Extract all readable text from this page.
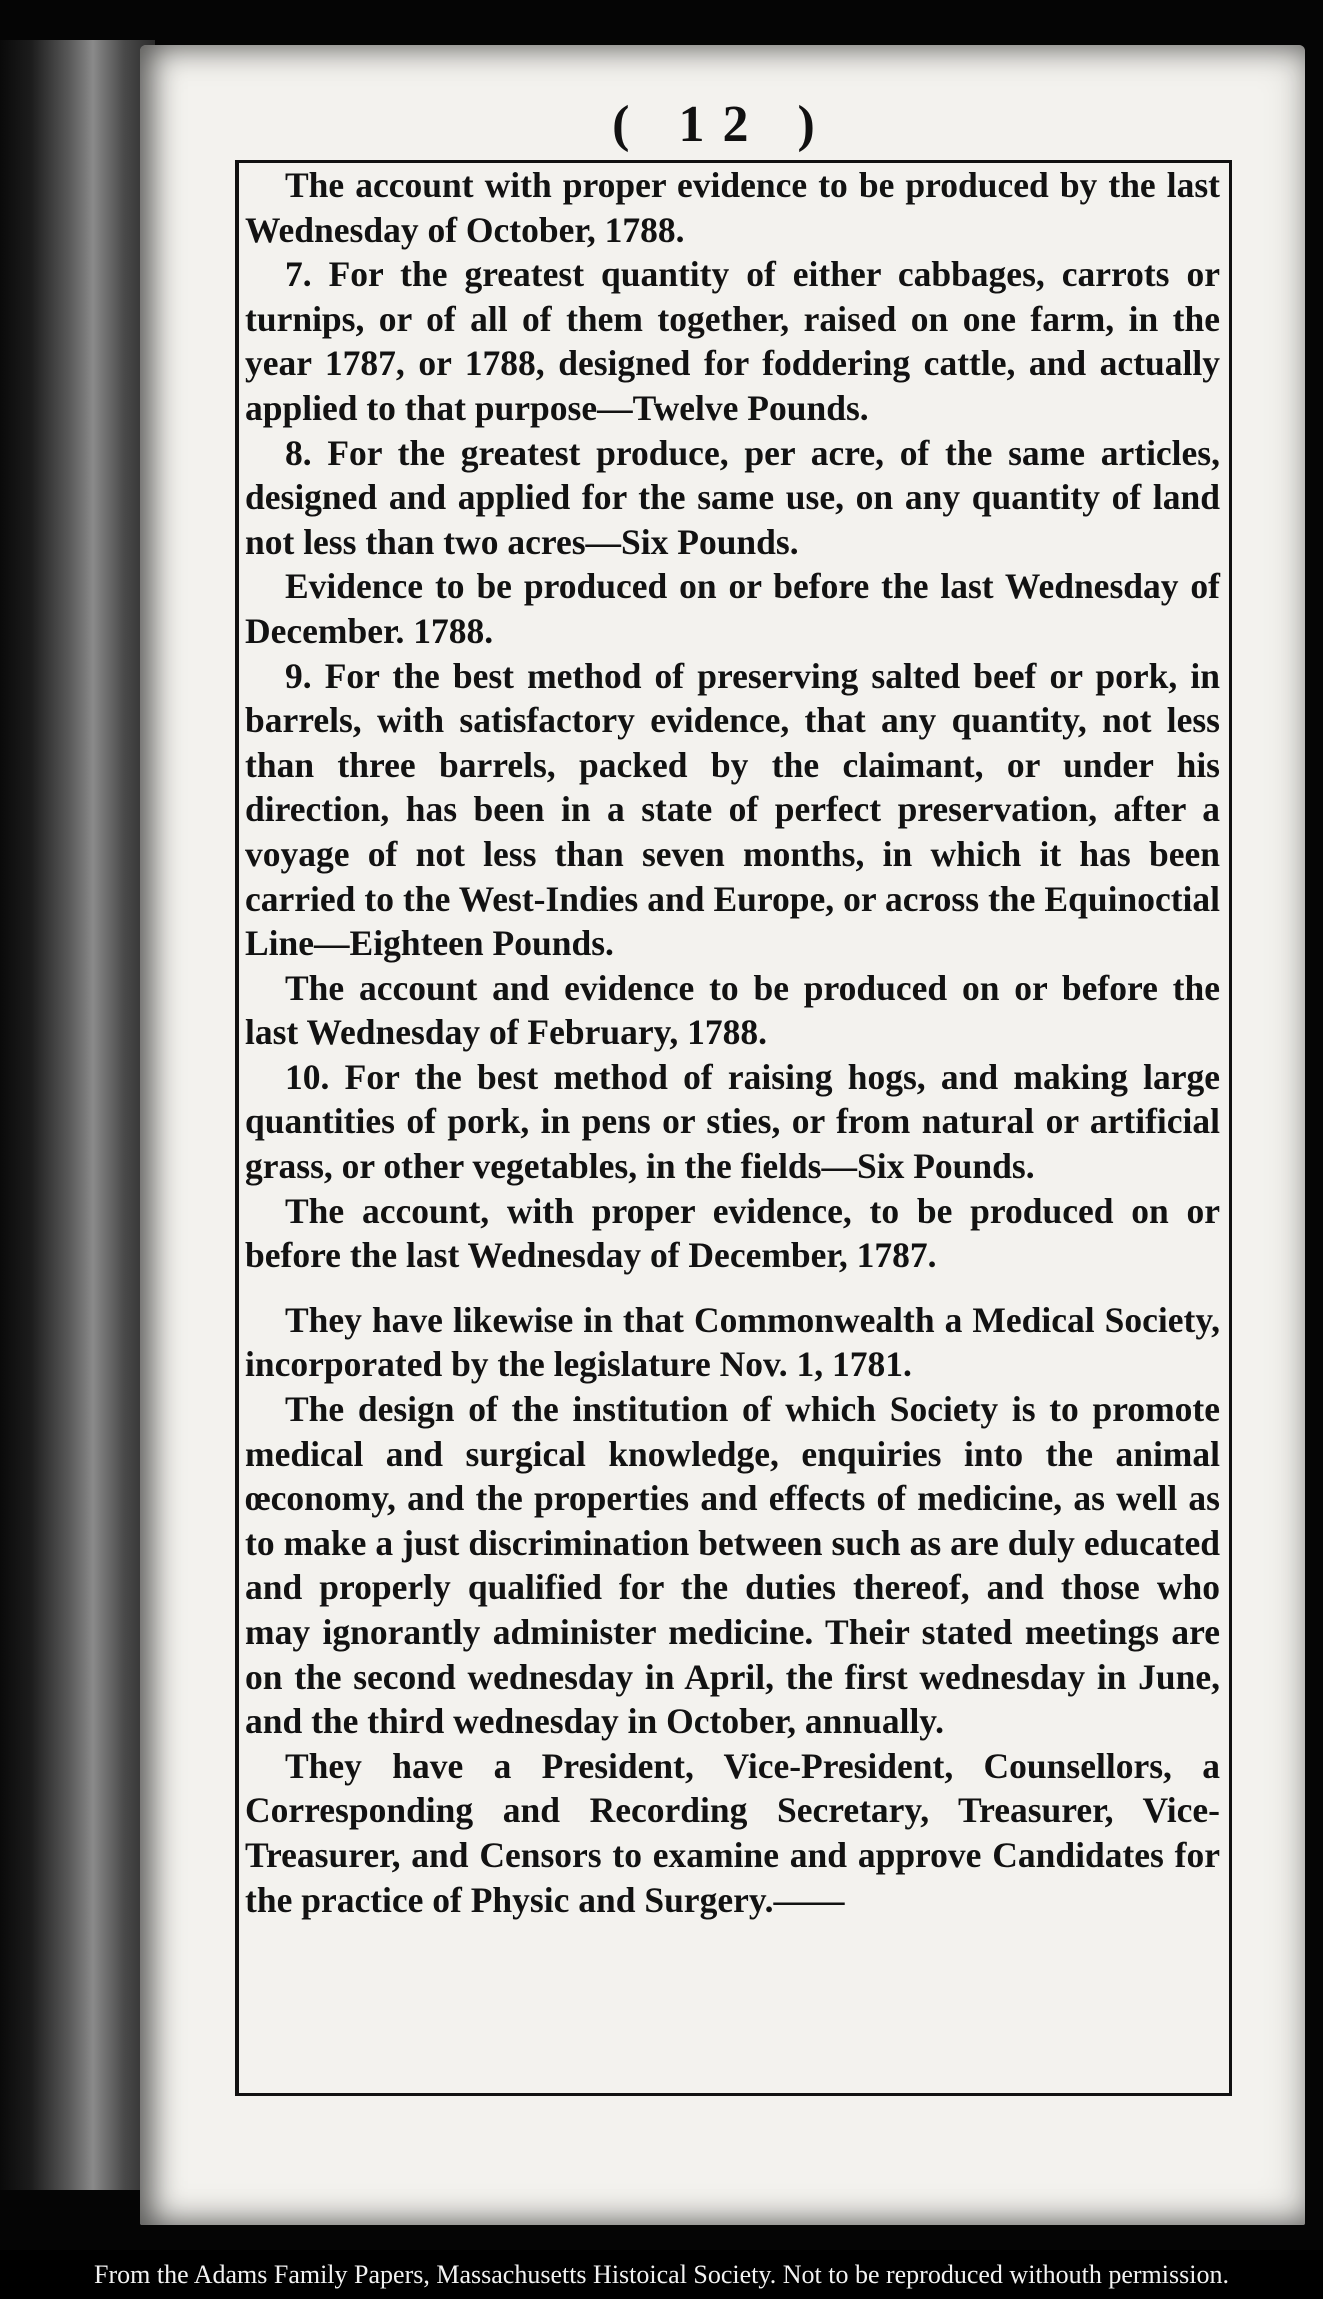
( 12 )

The account with proper evidence to be produced by the last Wednesday of October, 1788.

7. For the greatest quantity of either cabbages, carrots or turnips, or of all of them together, raised on one farm, in the year 1787, or 1788, designed for foddering cattle, and actually applied to that purpose—Twelve Pounds.

8. For the greatest produce, per acre, of the same articles, designed and applied for the same use, on any quantity of land not less than two acres—Six Pounds.

Evidence to be produced on or before the last Wednesday of December. 1788.

9. For the best method of preserving salted beef or pork, in barrels, with satisfactory evidence, that any quantity, not less than three barrels, packed by the claimant, or under his direction, has been in a state of perfect preservation, after a voyage of not less than seven months, in which it has been carried to the West-Indies and Europe, or across the Equinoctial Line—Eighteen Pounds.

The account and evidence to be produced on or before the last Wednesday of February, 1788.

10. For the best method of raising hogs, and making large quantities of pork, in pens or sties, or from natural or artificial grass, or other vegetables, in the fields—Six Pounds.

The account, with proper evidence, to be produced on or before the last Wednesday of December, 1787.

They have likewise in that Commonwealth a Medical Society, incorporated by the legislature Nov. 1, 1781.

The design of the institution of which Society is to promote medical and surgical knowledge, enquiries into the animal œconomy, and the properties and effects of medicine, as well as to make a just discrimination between such as are duly educated and properly qualified for the duties thereof, and those who may ignorantly administer medicine. Their stated meetings are on the second wednesday in April, the first wednesday in June, and the third wednesday in October, annually.

They have a President, Vice-President, Counsellors, a Corresponding and Recording Secretary, Treasurer, Vice-Treasurer, and Censors to examine and approve Candidates for the practice of Physic and Surgery.——

From the Adams Family Papers, Massachusetts Histoical Society. Not to be reproduced withouth permission.
